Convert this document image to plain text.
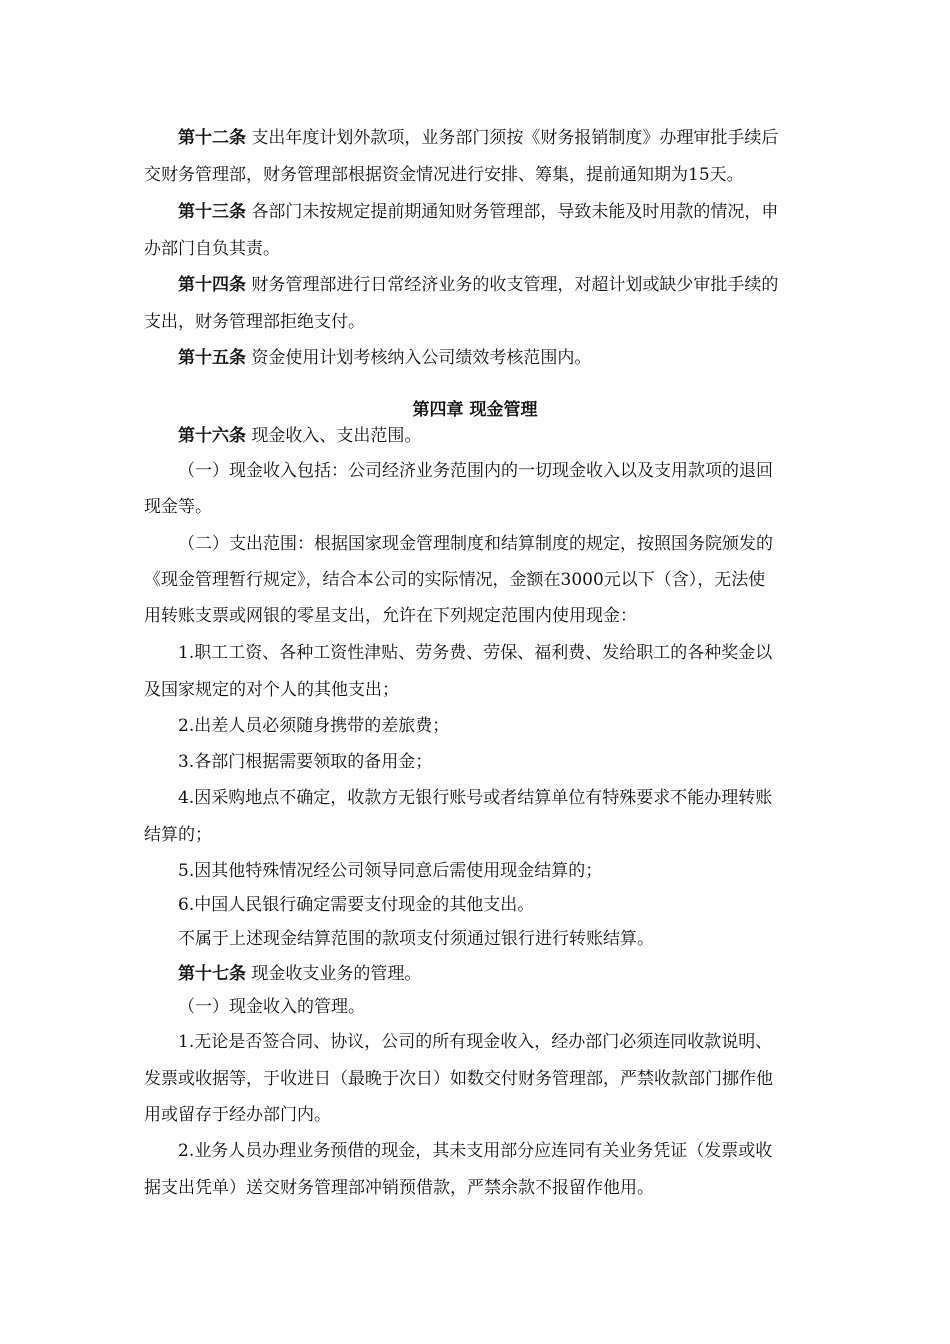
第十二条 支出年度计划外款项，业务部门须按《财务报销制度》办理审批手续后
交财务管理部，财务管理部根据资金情况进行安排、筹集，提前通知期为15天。
第十三条 各部门未按规定提前期通知财务管理部，导致未能及时用款的情况，申
办部门自负其责。
第十四条 财务管理部进行日常经济业务的收支管理，对超计划或缺少审批手续的
支出，财务管理部拒绝支付。
第十五条 资金使用计划考核纳入公司绩效考核范围内。
第四章 现金管理
第十六条 现金收入、支出范围。
（一）现金收入包括：公司经济业务范围内的一切现金收入以及支用款项的退回
现金等。
（二）支出范围：根据国家现金管理制度和结算制度的规定，按照国务院颁发的
《现金管理暂行规定》，结合本公司的实际情况，金额在3000元以下（含），无法使
用转账支票或网银的零星支出，允许在下列规定范围内使用现金：
1.职工工资、各种工资性津贴、劳务费、劳保、福利费、发给职工的各种奖金以
及国家规定的对个人的其他支出；
2.出差人员必须随身携带的差旅费；
3.各部门根据需要领取的备用金；
4.因采购地点不确定，收款方无银行账号或者结算单位有特殊要求不能办理转账
结算的；
5.因其他特殊情况经公司领导同意后需使用现金结算的；
6.中国人民银行确定需要支付现金的其他支出。
不属于上述现金结算范围的款项支付须通过银行进行转账结算。
第十七条 现金收支业务的管理。
（一）现金收入的管理。
1.无论是否签合同、协议，公司的所有现金收入，经办部门必须连同收款说明、
发票或收据等，于收进日（最晚于次日）如数交付财务管理部，严禁收款部门挪作他
用或留存于经办部门内。
2.业务人员办理业务预借的现金，其未支用部分应连同有关业务凭证（发票或收
据支出凭单）送交财务管理部冲销预借款，严禁余款不报留作他用。
